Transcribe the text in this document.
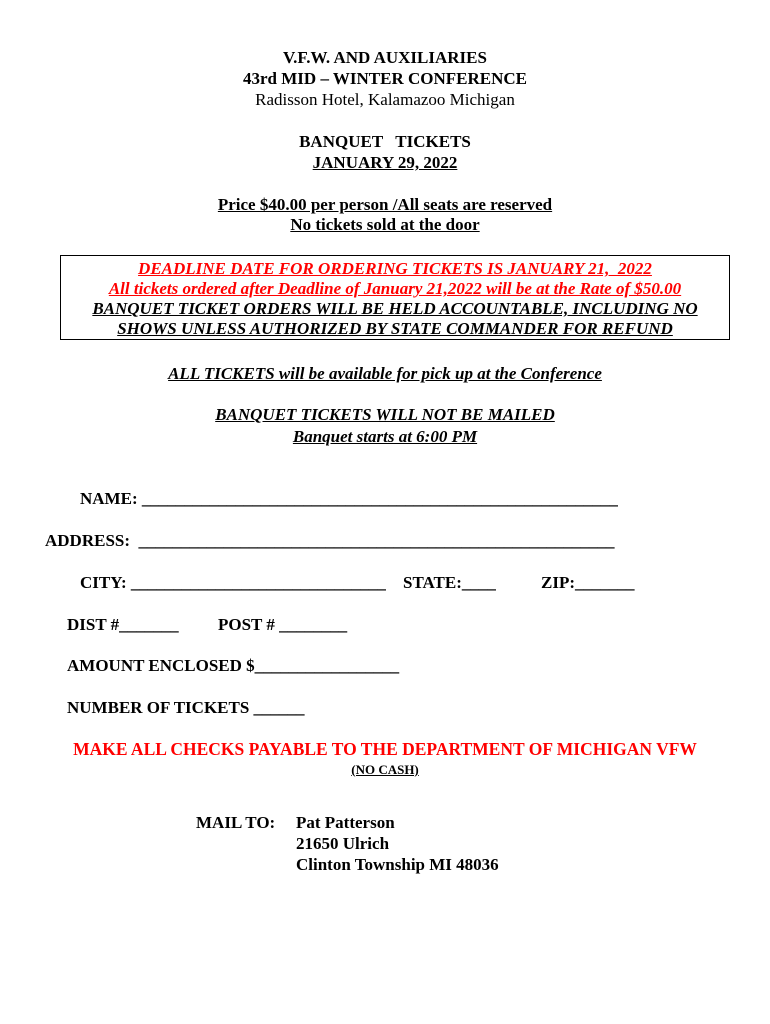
V.F.W. AND AUXILIARIES
43rd MID – WINTER CONFERENCE
Radisson Hotel, Kalamazoo Michigan
BANQUET   TICKETS
JANUARY 29, 2022
Price $40.00 per person /All seats are reserved
No tickets sold at the door
DEADLINE DATE FOR ORDERING TICKETS IS JANUARY 21,  2022
All tickets ordered after Deadline of January 21,2022 will be at the Rate of $50.00
BANQUET TICKET ORDERS WILL BE HELD ACCOUNTABLE, INCLUDING NO
SHOWS UNLESS AUTHORIZED BY STATE COMMANDER FOR REFUND
ALL TICKETS will be available for pick up at the Conference
BANQUET TICKETS WILL NOT BE MAILED
Banquet starts at 6:00 PM
NAME: ________________________________________________________
ADDRESS:  ________________________________________________________
CITY: ______________________________ STATE:____	ZIP:_______
DIST #_______ POST # ________
AMOUNT ENCLOSED $_________________
NUMBER OF TICKETS ______
MAKE ALL CHECKS PAYABLE TO THE DEPARTMENT OF MICHIGAN VFW
(NO CASH)
MAIL TO: Pat Patterson
21650 Ulrich
Clinton Township MI 48036
